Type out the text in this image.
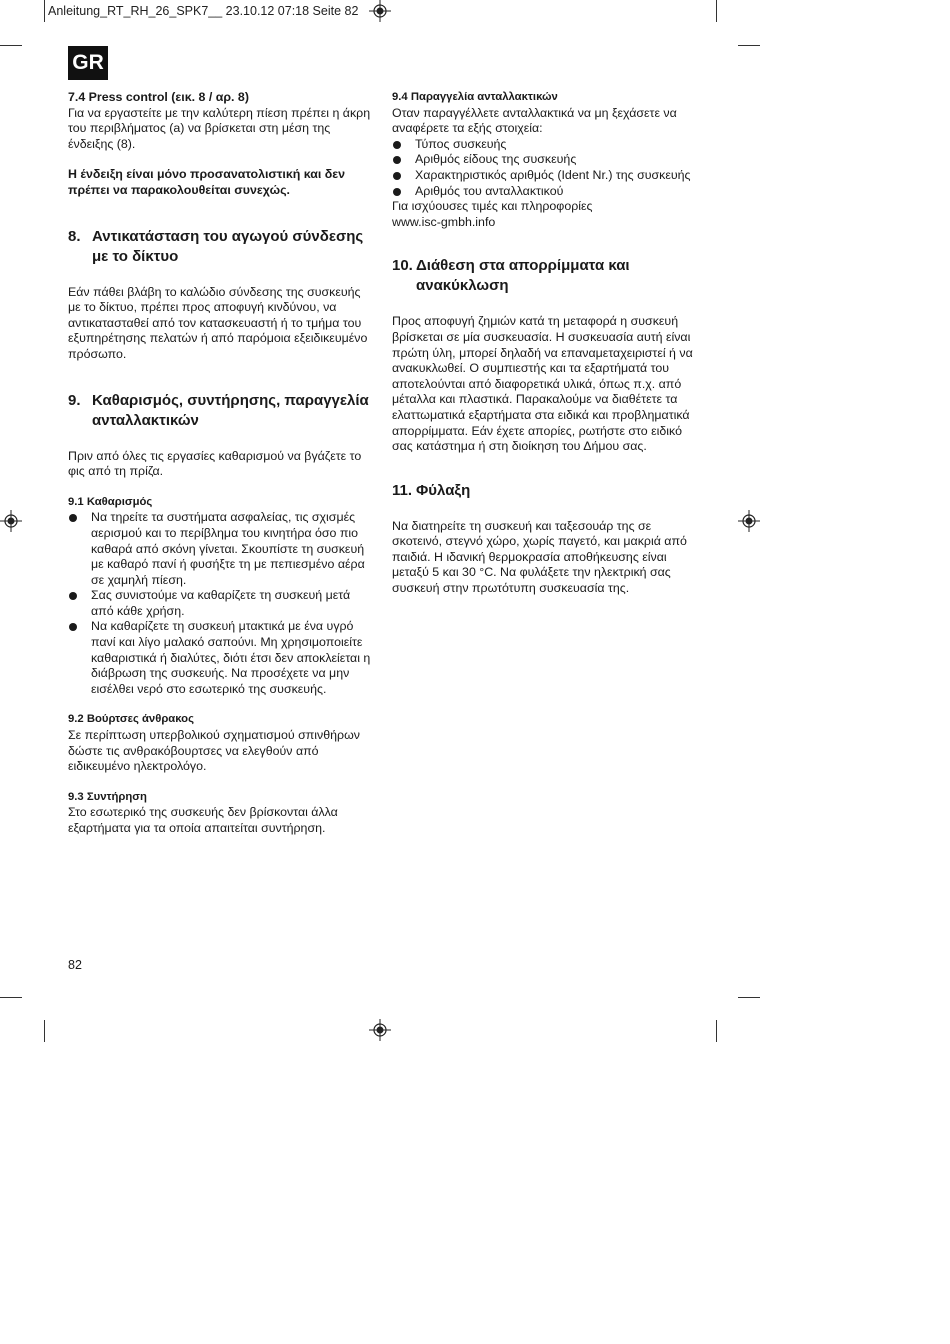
Anleitung_RT_RH_26_SPK7__ 23.10.12 07:18 Seite 82
GR

7.4 Press control (εικ. 8 / αρ. 8)

Για να εργαστείτε με την καλύτερη πίεση πρέπει η άκρη του περιβλήματος (a) να βρίσκεται στη μέση της ένδειξης (8).

Η ένδειξη είναι μόνο προσανατολιστική και δεν πρέπει να παρακολουθείται συνεχώς.

8. Αντικατάσταση του αγωγού σύνδεσης με το δίκτυο

Εάν πάθει βλάβη το καλώδιο σύνδεσης της συσκευής με το δίκτυο, πρέπει προς αποφυγή κινδύνου, να αντικατασταθεί από τον κατασκευαστή ή το τμήμα του εξυπηρέτησης πελατών ή από παρόμοια εξειδικευμένο πρόσωπο.

9. Καθαρισμός, συντήρησης, παραγγελία ανταλλακτικών

Πριν από όλες τις εργασίες καθαρισμού να βγάζετε το φις από τη πρίζα.

9.1 Καθαρισμός

Να τηρείτε τα συστήματα ασφαλείας, τις σχισμές αερισμού και το περίβλημα του κινητήρα όσο πιο καθαρά από σκόνη γίνεται. Σκουπίστε τη συσκευή με καθαρό πανί ή φυσήξτε τη με πεπιεσμένο αέρα σε χαμηλή πίεση.
Σας συνιστούμε να καθαρίζετε τη συσκευή μετά από κάθε χρήση.
Να καθαρίζετε τη συσκευή μτακτικά με ένα υγρό πανί και λίγο μαλακό σαπούνι. Μη χρησιμοποιείτε καθαριστικά ή διαλύτες, διότι έτσι δεν αποκλείεται η διάβρωση της συσκευής. Να προσέχετε να μην εισέλθει νερό στο εσωτερικό της συσκευής.

9.2 Βούρτσες άνθρακος

Σε περίπτωση υπερβολικού σχηματισμού σπινθήρων δώστε τις ανθρακόβουρτσες να ελεγθούν από ειδικευμένο ηλεκτρολόγο.

9.3 Συντήρηση

Στο εσωτερικό της συσκευής δεν βρίσκονται άλλα εξαρτήματα για τα οποία απαιτείται συντήρηση.

9.4 Παραγγελία ανταλλακτικών

Οταν παραγγέλλετε ανταλλακτικά να μη ξεχάσετε να αναφέρετε τα εξής στοιχεία:

Τύπος συσκευής
Αριθμός είδους της συσκευής
Χαρακτηριστικός αριθμός (Ident Nr.) της συσκευής
Αριθμός του ανταλλακτικού

Για ισχύουσες τιμές και πληροφορίες

www.isc-gmbh.info

10. Διάθεση στα απορρίμματα και ανακύκλωση

Προς αποφυγή ζημιών κατά τη μεταφορά η συσκευή βρίσκεται σε μία συσκευασία. Η συσκευασία αυτή είναι πρώτη ύλη, μπορεί δηλαδή να επαναμεταχειριστεί ή να ανακυκλωθεί. Ο συμπιεστής και τα εξαρτήματά του αποτελούνται από διαφορετικά υλικά, όπως π.χ. από μέταλλα και πλαστικά. Παρακαλούμε να διαθέτετε τα ελαττωματικά εξαρτήματα στα ειδικά και προβληματικά απορρίμματα. Εάν έχετε απορίες, ρωτήστε στο ειδικό σας κατάστημα ή στη διοίκηση του Δήμου σας.

11. Φύλαξη

Να διατηρείτε τη συσκευή και ταξεσουάρ της σε σκοτεινό, στεγνό χώρο, χωρίς παγετό, και μακριά από παιδιά. Η ιδανική θερμοκρασία αποθήκευσης είναι μεταξύ 5 και 30 °C. Να φυλάξετε την ηλεκτρική σας συσκευή στην πρωτότυπη συσκευασία της.

82
